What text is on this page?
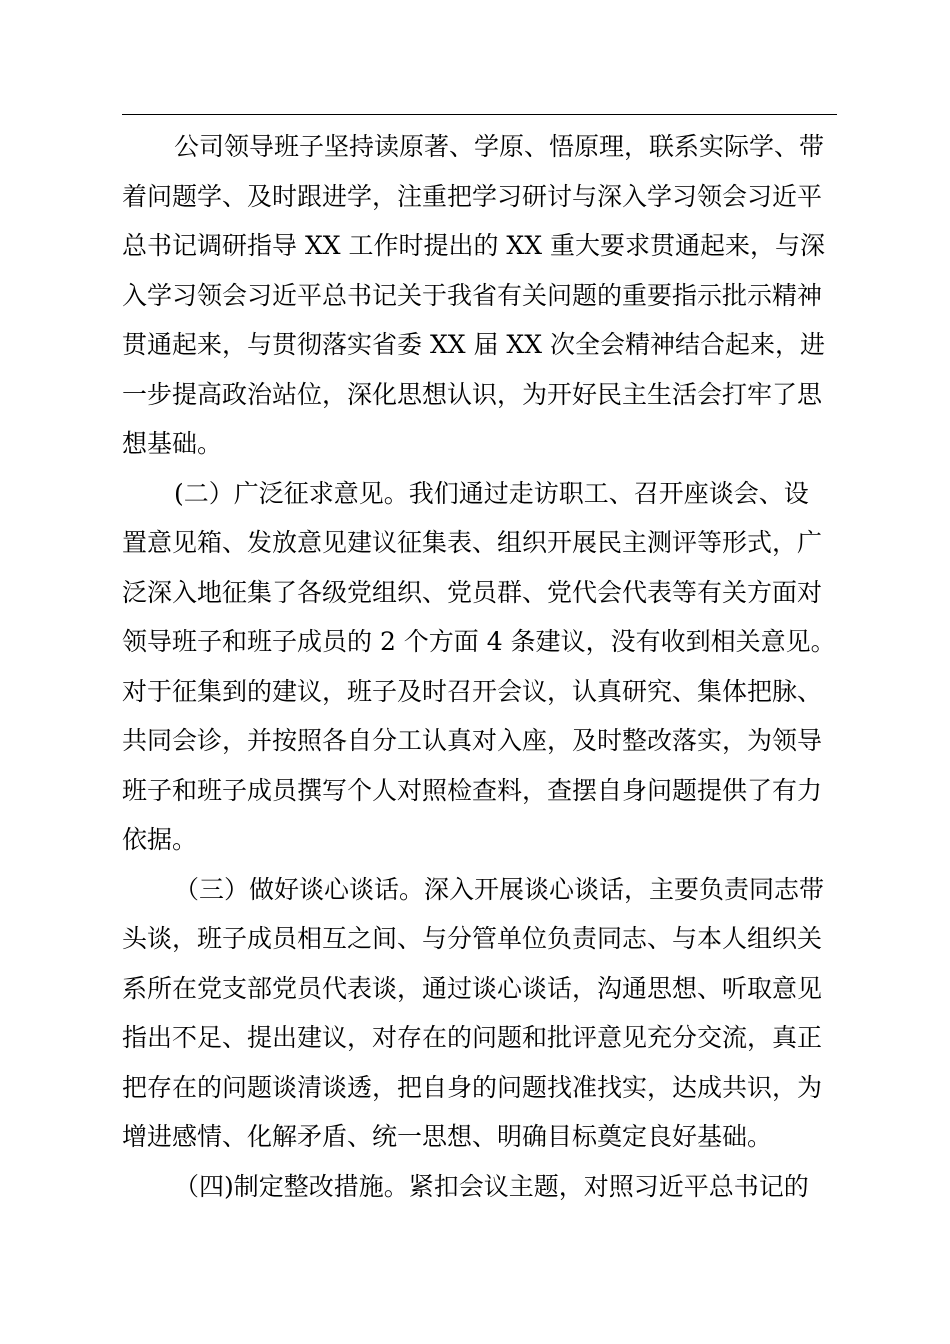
公司领导班子坚持读原著、学原、悟原理，联系实际学、带
着问题学、及时跟进学，注重把学习研讨与深入学习领会习近平
总书记调研指导 XX 工作时提出的 XX 重大要求贯通起来，与深
入学习领会习近平总书记关于我省有关问题的重要指示批示精神
贯通起来，与贯彻落实省委 XX 届 XX 次全会精神结合起来，进
一步提高政治站位，深化思想认识，为开好民主生活会打牢了思
想基础。
(二）广泛征求意见。我们通过走访职工、召开座谈会、设
置意见箱、发放意见建议征集表、组织开展民主测评等形式，广
泛深入地征集了各级党组织、党员群、党代会代表等有关方面对
领导班子和班子成员的 2 个方面 4 条建议，没有收到相关意见。
对于征集到的建议，班子及时召开会议，认真研究、集体把脉、
共同会诊，并按照各自分工认真对入座，及时整改落实，为领导
班子和班子成员撰写个人对照检查料，查摆自身问题提供了有力
依据。
（三）做好谈心谈话。深入开展谈心谈话，主要负责同志带
头谈，班子成员相互之间、与分管单位负责同志、与本人组织关
系所在党支部党员代表谈，通过谈心谈话，沟通思想、听取意见
指出不足、提出建议，对存在的问题和批评意见充分交流，真正
把存在的问题谈清谈透，把自身的问题找准找实，达成共识，为
增进感情、化解矛盾、统一思想、明确目标奠定良好基础。
（四)制定整改措施。紧扣会议主题，对照习近平总书记的
